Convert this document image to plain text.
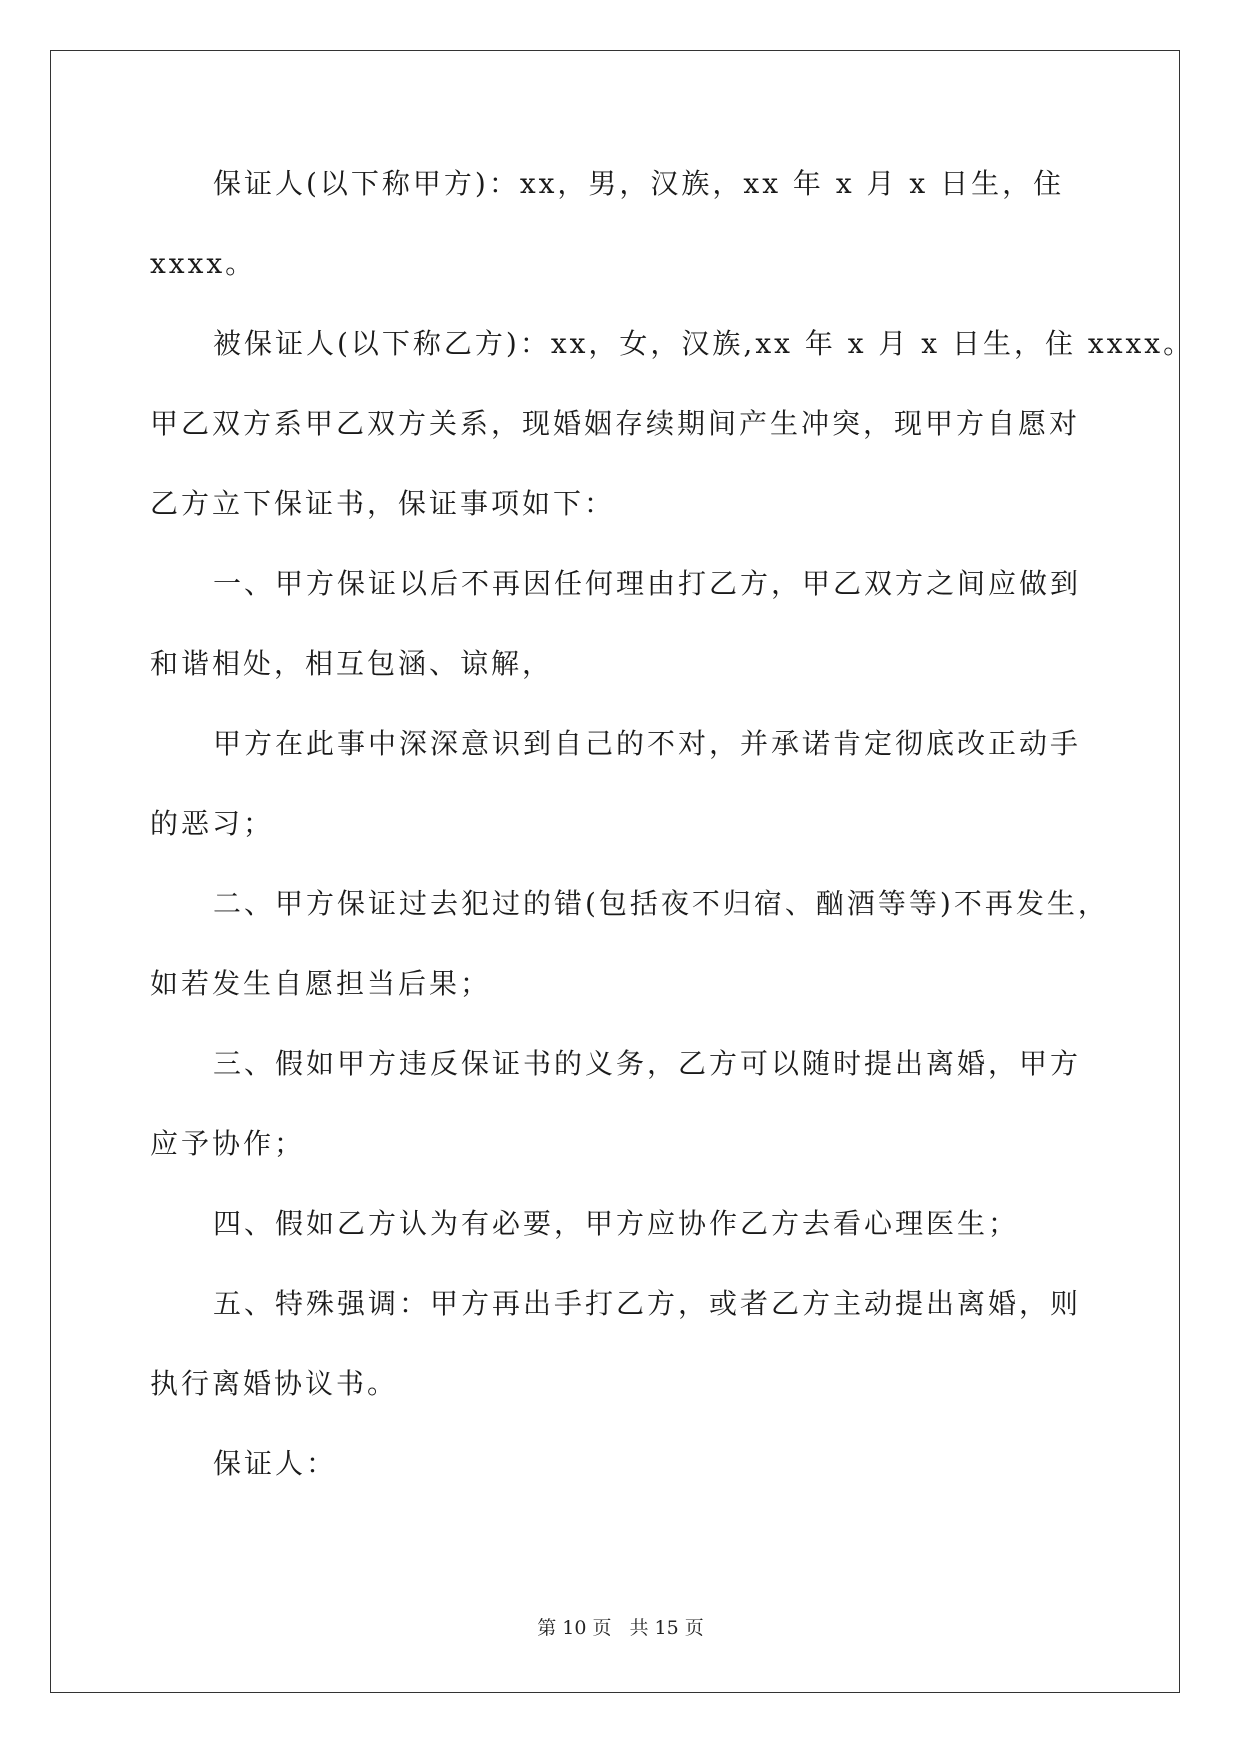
保证人(以下称甲方)：xx，男，汉族，xx 年 x 月 x 日生，住
xxxx。
被保证人(以下称乙方)：xx，女，汉族,xx 年 x 月 x 日生，住 xxxx。
甲乙双方系甲乙双方关系，现婚姻存续期间产生冲突，现甲方自愿对
乙方立下保证书，保证事项如下：
一、甲方保证以后不再因任何理由打乙方，甲乙双方之间应做到
和谐相处，相互包涵、谅解，
甲方在此事中深深意识到自己的不对，并承诺肯定彻底改正动手
的恶习；
二、甲方保证过去犯过的错(包括夜不归宿、酗酒等等)不再发生，
如若发生自愿担当后果；
三、假如甲方违反保证书的义务，乙方可以随时提出离婚，甲方
应予协作；
四、假如乙方认为有必要，甲方应协作乙方去看心理医生；
五、特殊强调：甲方再出手打乙方，或者乙方主动提出离婚，则
执行离婚协议书。
保证人：
第 10 页 共 15 页
